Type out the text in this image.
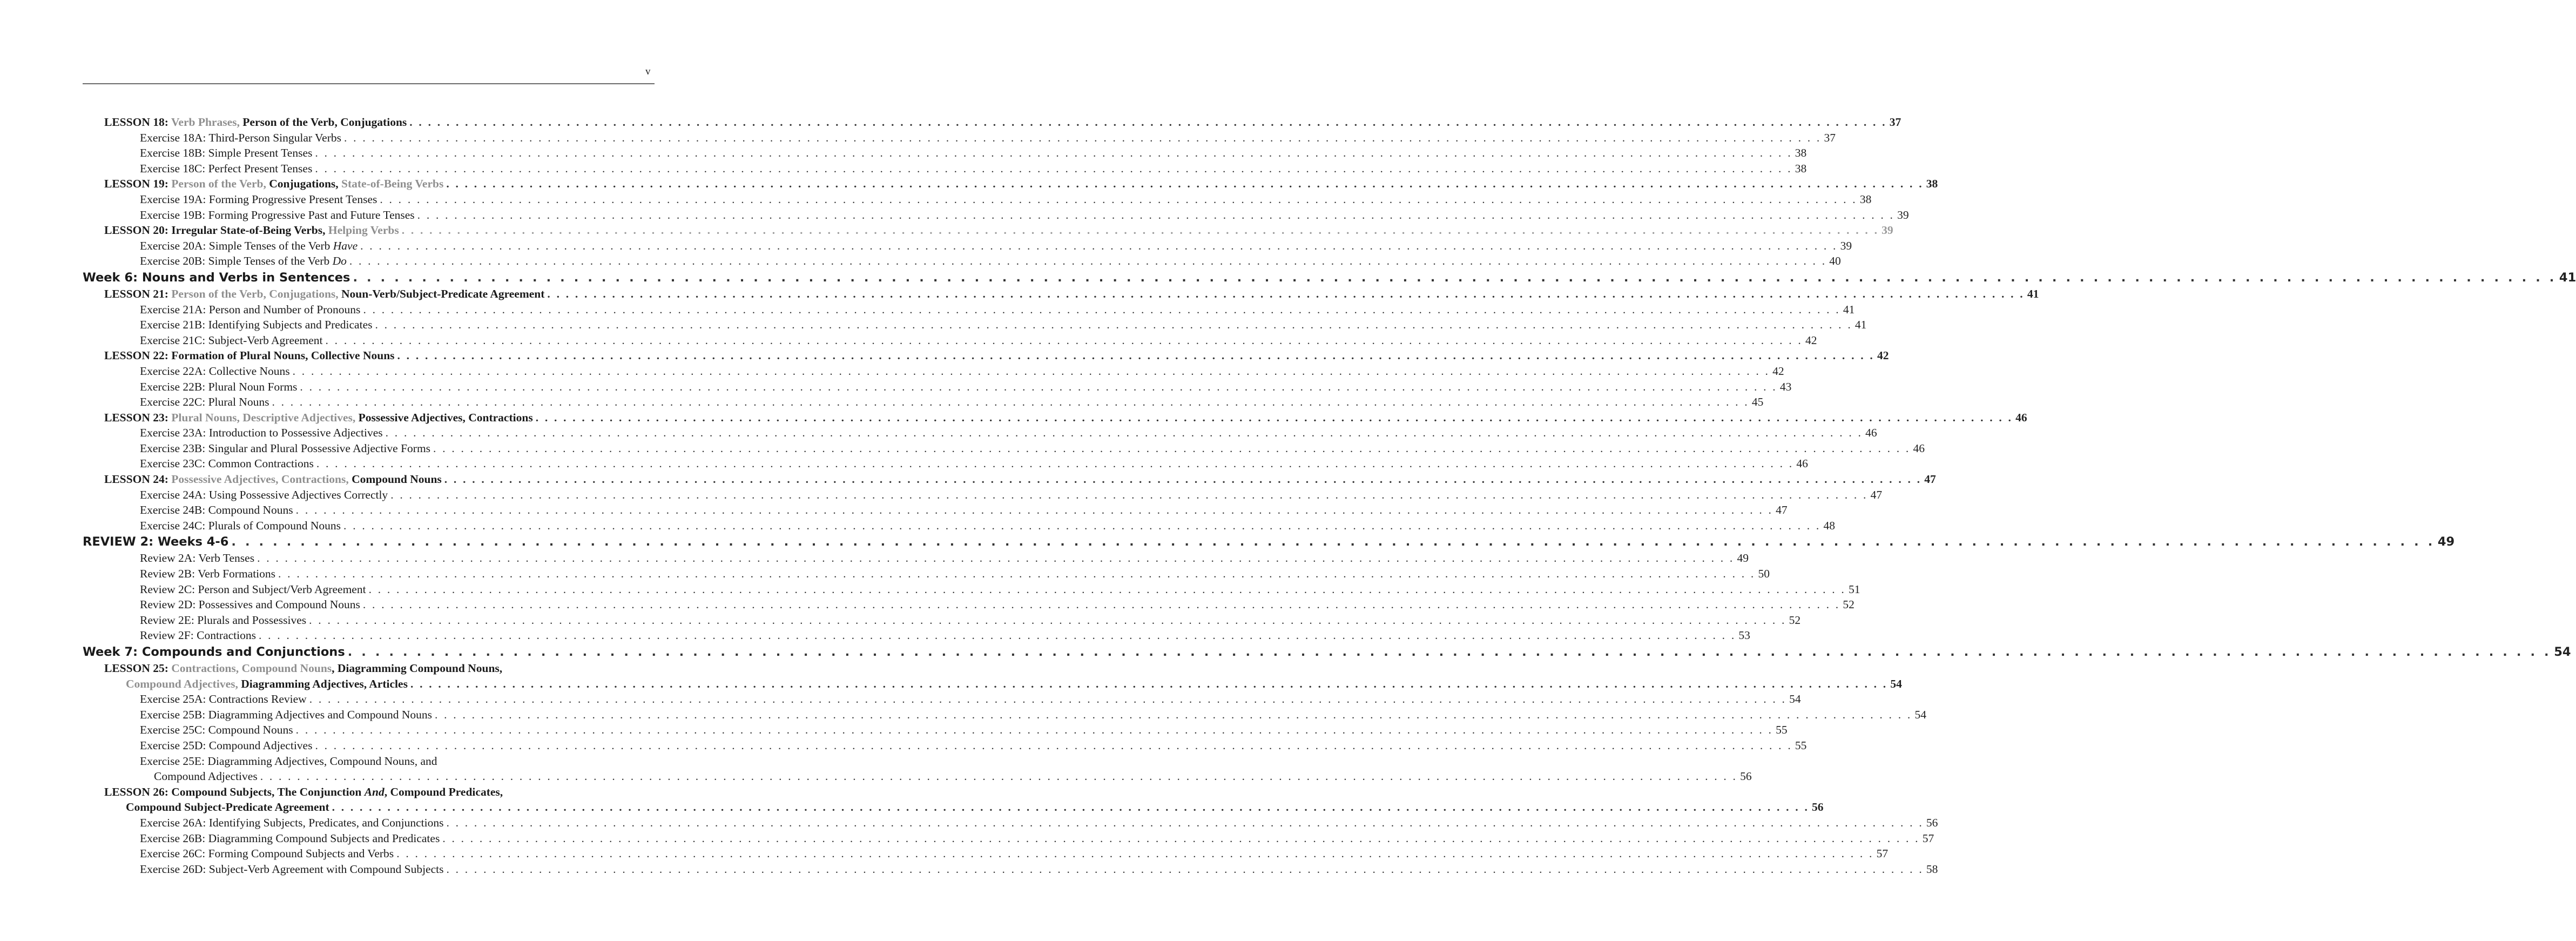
v
LESSON 18: Verb Phrases, Person of the Verb, Conjugations . . . . . . . . . . . . . . . . . . . . . . . . . . . . . . . . . . . . . . . . . . . . . . . . . . . . . . . . . . . . . . . . . . . . . . . . . . . . . . . . . . . . . . . . . . . . . . . . . . . . . . . . . . . . . . . . . . . . . . . . . . . . . . . . . . . . . . . . . . . . . . . . . . . . . . . . . . . . . . . . 37
Exercise 18A: Third-Person Singular Verbs . . . . . . . . . . . . . . . . . . . . . . . . . . . . . . . . . . . . . . . . . . . . . . . . . . . . . . . . . . . . . . . . . . . . . . . . . . . . . . . . . . . . . . . . . . . . . . . . . . . . . . . . . . . . . . . . . . . . . . . . . . . . . . . . . . . . . . . . . . . . . . . . . . . . . . . . . . . . . . . . 37
Exercise 18B: Simple Present Tenses . . . . . . . . . . . . . . . . . . . . . . . . . . . . . . . . . . . . . . . . . . . . . . . . . . . . . . . . . . . . . . . . . . . . . . . . . . . . . . . . . . . . . . . . . . . . . . . . . . . . . . . . . . . . . . . . . . . . . . . . . . . . . . . . . . . . . . . . . . . . . . . . . . . . . . . . . . . . . . . . 38
Exercise 18C: Perfect Present Tenses . . . . . . . . . . . . . . . . . . . . . . . . . . . . . . . . . . . . . . . . . . . . . . . . . . . . . . . . . . . . . . . . . . . . . . . . . . . . . . . . . . . . . . . . . . . . . . . . . . . . . . . . . . . . . . . . . . . . . . . . . . . . . . . . . . . . . . . . . . . . . . . . . . . . . . . . . . . . . . . . 38
LESSON 19: Person of the Verb, Conjugations, State-of-Being Verbs . . . . . . . . . . . . . . . . . . . . . . . . . . . . . . . . . . . . . . . . . . . . . . . . . . . . . . . . . . . . . . . . . . . . . . . . . . . . . . . . . . . . . . . . . . . . . . . . . . . . . . . . . . . . . . . . . . . . . . . . . . . . . . . . . . . . . . . . . . . . . . . . . . . . . . . . . . . . . . . . 38
Exercise 19A: Forming Progressive Present Tenses . . . . . . . . . . . . . . . . . . . . . . . . . . . . . . . . . . . . . . . . . . . . . . . . . . . . . . . . . . . . . . . . . . . . . . . . . . . . . . . . . . . . . . . . . . . . . . . . . . . . . . . . . . . . . . . . . . . . . . . . . . . . . . . . . . . . . . . . . . . . . . . . . . . . . . . . . . . . . . . . 38
Exercise 19B: Forming Progressive Past and Future Tenses . . . . . . . . . . . . . . . . . . . . . . . . . . . . . . . . . . . . . . . . . . . . . . . . . . . . . . . . . . . . . . . . . . . . . . . . . . . . . . . . . . . . . . . . . . . . . . . . . . . . . . . . . . . . . . . . . . . . . . . . . . . . . . . . . . . . . . . . . . . . . . . . . . . . . . . . . . . . . . . . 39
LESSON 20: Irregular State-of-Being Verbs, Helping Verbs . . . . . . . . . . . . . . . . . . . . . . . . . . . . . . . . . . . . . . . . . . . . . . . . . . . . . . . . . . . . . . . . . . . . . . . . . . . . . . . . . . . . . . . . . . . . . . . . . . . . . . . . . . . . . . . . . . . . . . . . . . . . . . . . . . . . . . . . . . . . . . . . . . . . . . . . . . . . . . . . 39
Exercise 20A: Simple Tenses of the Verb Have . . . . . . . . . . . . . . . . . . . . . . . . . . . . . . . . . . . . . . . . . . . . . . . . . . . . . . . . . . . . . . . . . . . . . . . . . . . . . . . . . . . . . . . . . . . . . . . . . . . . . . . . . . . . . . . . . . . . . . . . . . . . . . . . . . . . . . . . . . . . . . . . . . . . . . . . . . . . . . . . 39
Exercise 20B: Simple Tenses of the Verb Do . . . . . . . . . . . . . . . . . . . . . . . . . . . . . . . . . . . . . . . . . . . . . . . . . . . . . . . . . . . . . . . . . . . . . . . . . . . . . . . . . . . . . . . . . . . . . . . . . . . . . . . . . . . . . . . . . . . . . . . . . . . . . . . . . . . . . . . . . . . . . . . . . . . . . . . . . . . . . . . . 40
Week 6: Nouns and Verbs in Sentences . . . . . . . . . . . . . . . . . . . . . . . . . . . . . . . . . . . . . . . . . . . . . . . . . . . . . . . . . . . . . . . . . . . . . . . . . . . . . . . . . . . . . . . . . . . . . . . . . . . . . . . . . . . . . . . . . . . . . . . . . . . . . . . . . . . . . . . . . . . . . . . . . . . . . . . . . . . . . . . . 41
LESSON 21: Person of the Verb, Conjugations, Noun-Verb/Subject-Predicate Agreement . . . . . . . . . . . . . . . . . . . . . . . . . . . . . . . . . . . . . . . . . . . . . . . . . . . . . . . . . . . . . . . . . . . . . . . . . . . . . . . . . . . . . . . . . . . . . . . . . . . . . . . . . . . . . . . . . . . . . . . . . . . . . . . . . . . . . . . . . . . . . . . . . . . . . . . . . . . . . . . . 41
Exercise 21A: Person and Number of Pronouns . . . . . . . . . . . . . . . . . . . . . . . . . . . . . . . . . . . . . . . . . . . . . . . . . . . . . . . . . . . . . . . . . . . . . . . . . . . . . . . . . . . . . . . . . . . . . . . . . . . . . . . . . . . . . . . . . . . . . . . . . . . . . . . . . . . . . . . . . . . . . . . . . . . . . . . . . . . . . . . . 41
Exercise 21B: Identifying Subjects and Predicates . . . . . . . . . . . . . . . . . . . . . . . . . . . . . . . . . . . . . . . . . . . . . . . . . . . . . . . . . . . . . . . . . . . . . . . . . . . . . . . . . . . . . . . . . . . . . . . . . . . . . . . . . . . . . . . . . . . . . . . . . . . . . . . . . . . . . . . . . . . . . . . . . . . . . . . . . . . . . . . . 41
Exercise 21C: Subject-Verb Agreement . . . . . . . . . . . . . . . . . . . . . . . . . . . . . . . . . . . . . . . . . . . . . . . . . . . . . . . . . . . . . . . . . . . . . . . . . . . . . . . . . . . . . . . . . . . . . . . . . . . . . . . . . . . . . . . . . . . . . . . . . . . . . . . . . . . . . . . . . . . . . . . . . . . . . . . . . . . . . . . . 42
LESSON 22: Formation of Plural Nouns, Collective Nouns . . . . . . . . . . . . . . . . . . . . . . . . . . . . . . . . . . . . . . . . . . . . . . . . . . . . . . . . . . . . . . . . . . . . . . . . . . . . . . . . . . . . . . . . . . . . . . . . . . . . . . . . . . . . . . . . . . . . . . . . . . . . . . . . . . . . . . . . . . . . . . . . . . . . . . . . . . . . . . . . 42
Exercise 22A: Collective Nouns . . . . . . . . . . . . . . . . . . . . . . . . . . . . . . . . . . . . . . . . . . . . . . . . . . . . . . . . . . . . . . . . . . . . . . . . . . . . . . . . . . . . . . . . . . . . . . . . . . . . . . . . . . . . . . . . . . . . . . . . . . . . . . . . . . . . . . . . . . . . . . . . . . . . . . . . . . . . . . . . 42
Exercise 22B: Plural Noun Forms . . . . . . . . . . . . . . . . . . . . . . . . . . . . . . . . . . . . . . . . . . . . . . . . . . . . . . . . . . . . . . . . . . . . . . . . . . . . . . . . . . . . . . . . . . . . . . . . . . . . . . . . . . . . . . . . . . . . . . . . . . . . . . . . . . . . . . . . . . . . . . . . . . . . . . . . . . . . . . . . 43
Exercise 22C: Plural Nouns . . . . . . . . . . . . . . . . . . . . . . . . . . . . . . . . . . . . . . . . . . . . . . . . . . . . . . . . . . . . . . . . . . . . . . . . . . . . . . . . . . . . . . . . . . . . . . . . . . . . . . . . . . . . . . . . . . . . . . . . . . . . . . . . . . . . . . . . . . . . . . . . . . . . . . . . . . . . . . . . 45
LESSON 23: Plural Nouns, Descriptive Adjectives, Possessive Adjectives, Contractions . . . . . . . . . . . . . . . . . . . . . . . . . . . . . . . . . . . . . . . . . . . . . . . . . . . . . . . . . . . . . . . . . . . . . . . . . . . . . . . . . . . . . . . . . . . . . . . . . . . . . . . . . . . . . . . . . . . . . . . . . . . . . . . . . . . . . . . . . . . . . . . . . . . . . . . . . . . . . . . . 46
Exercise 23A: Introduction to Possessive Adjectives . . . . . . . . . . . . . . . . . . . . . . . . . . . . . . . . . . . . . . . . . . . . . . . . . . . . . . . . . . . . . . . . . . . . . . . . . . . . . . . . . . . . . . . . . . . . . . . . . . . . . . . . . . . . . . . . . . . . . . . . . . . . . . . . . . . . . . . . . . . . . . . . . . . . . . . . . . . . . . . . 46
Exercise 23B: Singular and Plural Possessive Adjective Forms . . . . . . . . . . . . . . . . . . . . . . . . . . . . . . . . . . . . . . . . . . . . . . . . . . . . . . . . . . . . . . . . . . . . . . . . . . . . . . . . . . . . . . . . . . . . . . . . . . . . . . . . . . . . . . . . . . . . . . . . . . . . . . . . . . . . . . . . . . . . . . . . . . . . . . . . . . . . . . . . 46
Exercise 23C: Common Contractions . . . . . . . . . . . . . . . . . . . . . . . . . . . . . . . . . . . . . . . . . . . . . . . . . . . . . . . . . . . . . . . . . . . . . . . . . . . . . . . . . . . . . . . . . . . . . . . . . . . . . . . . . . . . . . . . . . . . . . . . . . . . . . . . . . . . . . . . . . . . . . . . . . . . . . . . . . . . . . . . 46
LESSON 24: Possessive Adjectives, Contractions, Compound Nouns . . . . . . . . . . . . . . . . . . . . . . . . . . . . . . . . . . . . . . . . . . . . . . . . . . . . . . . . . . . . . . . . . . . . . . . . . . . . . . . . . . . . . . . . . . . . . . . . . . . . . . . . . . . . . . . . . . . . . . . . . . . . . . . . . . . . . . . . . . . . . . . . . . . . . . . . . . . . . . . . 47
Exercise 24A: Using Possessive Adjectives Correctly . . . . . . . . . . . . . . . . . . . . . . . . . . . . . . . . . . . . . . . . . . . . . . . . . . . . . . . . . . . . . . . . . . . . . . . . . . . . . . . . . . . . . . . . . . . . . . . . . . . . . . . . . . . . . . . . . . . . . . . . . . . . . . . . . . . . . . . . . . . . . . . . . . . . . . . . . . . . . . . . 47
Exercise 24B: Compound Nouns . . . . . . . . . . . . . . . . . . . . . . . . . . . . . . . . . . . . . . . . . . . . . . . . . . . . . . . . . . . . . . . . . . . . . . . . . . . . . . . . . . . . . . . . . . . . . . . . . . . . . . . . . . . . . . . . . . . . . . . . . . . . . . . . . . . . . . . . . . . . . . . . . . . . . . . . . . . . . . . . 47
Exercise 24C: Plurals of Compound Nouns . . . . . . . . . . . . . . . . . . . . . . . . . . . . . . . . . . . . . . . . . . . . . . . . . . . . . . . . . . . . . . . . . . . . . . . . . . . . . . . . . . . . . . . . . . . . . . . . . . . . . . . . . . . . . . . . . . . . . . . . . . . . . . . . . . . . . . . . . . . . . . . . . . . . . . . . . . . . . . . . 48
REVIEW 2: Weeks 4-6 . . . . . . . . . . . . . . . . . . . . . . . . . . . . . . . . . . . . . . . . . . . . . . . . . . . . . . . . . . . . . . . . . . . . . . . . . . . . . . . . . . . . . . . . . . . . . . . . . . . . . . . . . . . . . . . . . . . . . . . . . . . . . . . . . . . . . . . . . . . . . . . . . . . . . . . . . . . . . . . . 49
Review 2A: Verb Tenses . . . . . . . . . . . . . . . . . . . . . . . . . . . . . . . . . . . . . . . . . . . . . . . . . . . . . . . . . . . . . . . . . . . . . . . . . . . . . . . . . . . . . . . . . . . . . . . . . . . . . . . . . . . . . . . . . . . . . . . . . . . . . . . . . . . . . . . . . . . . . . . . . . . . . . . . . . . . . . . . 49
Review 2B: Verb Formations . . . . . . . . . . . . . . . . . . . . . . . . . . . . . . . . . . . . . . . . . . . . . . . . . . . . . . . . . . . . . . . . . . . . . . . . . . . . . . . . . . . . . . . . . . . . . . . . . . . . . . . . . . . . . . . . . . . . . . . . . . . . . . . . . . . . . . . . . . . . . . . . . . . . . . . . . . . . . . . . 50
Review 2C: Person and Subject/Verb Agreement . . . . . . . . . . . . . . . . . . . . . . . . . . . . . . . . . . . . . . . . . . . . . . . . . . . . . . . . . . . . . . . . . . . . . . . . . . . . . . . . . . . . . . . . . . . . . . . . . . . . . . . . . . . . . . . . . . . . . . . . . . . . . . . . . . . . . . . . . . . . . . . . . . . . . . . . . . . . . . . . 51
Review 2D: Possessives and Compound Nouns . . . . . . . . . . . . . . . . . . . . . . . . . . . . . . . . . . . . . . . . . . . . . . . . . . . . . . . . . . . . . . . . . . . . . . . . . . . . . . . . . . . . . . . . . . . . . . . . . . . . . . . . . . . . . . . . . . . . . . . . . . . . . . . . . . . . . . . . . . . . . . . . . . . . . . . . . . . . . . . . 52
Review 2E: Plurals and Possessives . . . . . . . . . . . . . . . . . . . . . . . . . . . . . . . . . . . . . . . . . . . . . . . . . . . . . . . . . . . . . . . . . . . . . . . . . . . . . . . . . . . . . . . . . . . . . . . . . . . . . . . . . . . . . . . . . . . . . . . . . . . . . . . . . . . . . . . . . . . . . . . . . . . . . . . . . . . . . . . . 52
Review 2F: Contractions . . . . . . . . . . . . . . . . . . . . . . . . . . . . . . . . . . . . . . . . . . . . . . . . . . . . . . . . . . . . . . . . . . . . . . . . . . . . . . . . . . . . . . . . . . . . . . . . . . . . . . . . . . . . . . . . . . . . . . . . . . . . . . . . . . . . . . . . . . . . . . . . . . . . . . . . . . . . . . . . 53
Week 7: Compounds and Conjunctions . . . . . . . . . . . . . . . . . . . . . . . . . . . . . . . . . . . . . . . . . . . . . . . . . . . . . . . . . . . . . . . . . . . . . . . . . . . . . . . . . . . . . . . . . . . . . . . . . . . . . . . . . . . . . . . . . . . . . . . . . . . . . . . . . . . . . . . . . . . . . . . . . . . . . . . . . . . . . . . . 54
LESSON 25: Contractions, Compound Nouns, Diagramming Compound Nouns,
Compound Adjectives, Diagramming Adjectives, Articles . . . . . . . . . . . . . . . . . . . . . . . . . . . . . . . . . . . . . . . . . . . . . . . . . . . . . . . . . . . . . . . . . . . . . . . . . . . . . . . . . . . . . . . . . . . . . . . . . . . . . . . . . . . . . . . . . . . . . . . . . . . . . . . . . . . . . . . . . . . . . . . . . . . . . . . . . . . . . . . . 54
Exercise 25A: Contractions Review . . . . . . . . . . . . . . . . . . . . . . . . . . . . . . . . . . . . . . . . . . . . . . . . . . . . . . . . . . . . . . . . . . . . . . . . . . . . . . . . . . . . . . . . . . . . . . . . . . . . . . . . . . . . . . . . . . . . . . . . . . . . . . . . . . . . . . . . . . . . . . . . . . . . . . . . . . . . . . . . 54
Exercise 25B: Diagramming Adjectives and Compound Nouns . . . . . . . . . . . . . . . . . . . . . . . . . . . . . . . . . . . . . . . . . . . . . . . . . . . . . . . . . . . . . . . . . . . . . . . . . . . . . . . . . . . . . . . . . . . . . . . . . . . . . . . . . . . . . . . . . . . . . . . . . . . . . . . . . . . . . . . . . . . . . . . . . . . . . . . . . . . . . . . . 54
Exercise 25C: Compound Nouns . . . . . . . . . . . . . . . . . . . . . . . . . . . . . . . . . . . . . . . . . . . . . . . . . . . . . . . . . . . . . . . . . . . . . . . . . . . . . . . . . . . . . . . . . . . . . . . . . . . . . . . . . . . . . . . . . . . . . . . . . . . . . . . . . . . . . . . . . . . . . . . . . . . . . . . . . . . . . . . . 55
Exercise 25D: Compound Adjectives . . . . . . . . . . . . . . . . . . . . . . . . . . . . . . . . . . . . . . . . . . . . . . . . . . . . . . . . . . . . . . . . . . . . . . . . . . . . . . . . . . . . . . . . . . . . . . . . . . . . . . . . . . . . . . . . . . . . . . . . . . . . . . . . . . . . . . . . . . . . . . . . . . . . . . . . . . . . . . . . 55
Exercise 25E: Diagramming Adjectives, Compound Nouns, and
Compound Adjectives . . . . . . . . . . . . . . . . . . . . . . . . . . . . . . . . . . . . . . . . . . . . . . . . . . . . . . . . . . . . . . . . . . . . . . . . . . . . . . . . . . . . . . . . . . . . . . . . . . . . . . . . . . . . . . . . . . . . . . . . . . . . . . . . . . . . . . . . . . . . . . . . . . . . . . . . . . . . . . . . 56
LESSON 26: Compound Subjects, The Conjunction And, Compound Predicates,
Compound Subject-Predicate Agreement . . . . . . . . . . . . . . . . . . . . . . . . . . . . . . . . . . . . . . . . . . . . . . . . . . . . . . . . . . . . . . . . . . . . . . . . . . . . . . . . . . . . . . . . . . . . . . . . . . . . . . . . . . . . . . . . . . . . . . . . . . . . . . . . . . . . . . . . . . . . . . . . . . . . . . . . . . . . . . . . 56
Exercise 26A: Identifying Subjects, Predicates, and Conjunctions . . . . . . . . . . . . . . . . . . . . . . . . . . . . . . . . . . . . . . . . . . . . . . . . . . . . . . . . . . . . . . . . . . . . . . . . . . . . . . . . . . . . . . . . . . . . . . . . . . . . . . . . . . . . . . . . . . . . . . . . . . . . . . . . . . . . . . . . . . . . . . . . . . . . . . . . . . . . . . . . 56
Exercise 26B: Diagramming Compound Subjects and Predicates . . . . . . . . . . . . . . . . . . . . . . . . . . . . . . . . . . . . . . . . . . . . . . . . . . . . . . . . . . . . . . . . . . . . . . . . . . . . . . . . . . . . . . . . . . . . . . . . . . . . . . . . . . . . . . . . . . . . . . . . . . . . . . . . . . . . . . . . . . . . . . . . . . . . . . . . . . . . . . . . 57
Exercise 26C: Forming Compound Subjects and Verbs . . . . . . . . . . . . . . . . . . . . . . . . . . . . . . . . . . . . . . . . . . . . . . . . . . . . . . . . . . . . . . . . . . . . . . . . . . . . . . . . . . . . . . . . . . . . . . . . . . . . . . . . . . . . . . . . . . . . . . . . . . . . . . . . . . . . . . . . . . . . . . . . . . . . . . . . . . . . . . . . 57
Exercise 26D: Subject-Verb Agreement with Compound Subjects . . . . . . . . . . . . . . . . . . . . . . . . . . . . . . . . . . . . . . . . . . . . . . . . . . . . . . . . . . . . . . . . . . . . . . . . . . . . . . . . . . . . . . . . . . . . . . . . . . . . . . . . . . . . . . . . . . . . . . . . . . . . . . . . . . . . . . . . . . . . . . . . . . . . . . . . . . . . . . . . 58
